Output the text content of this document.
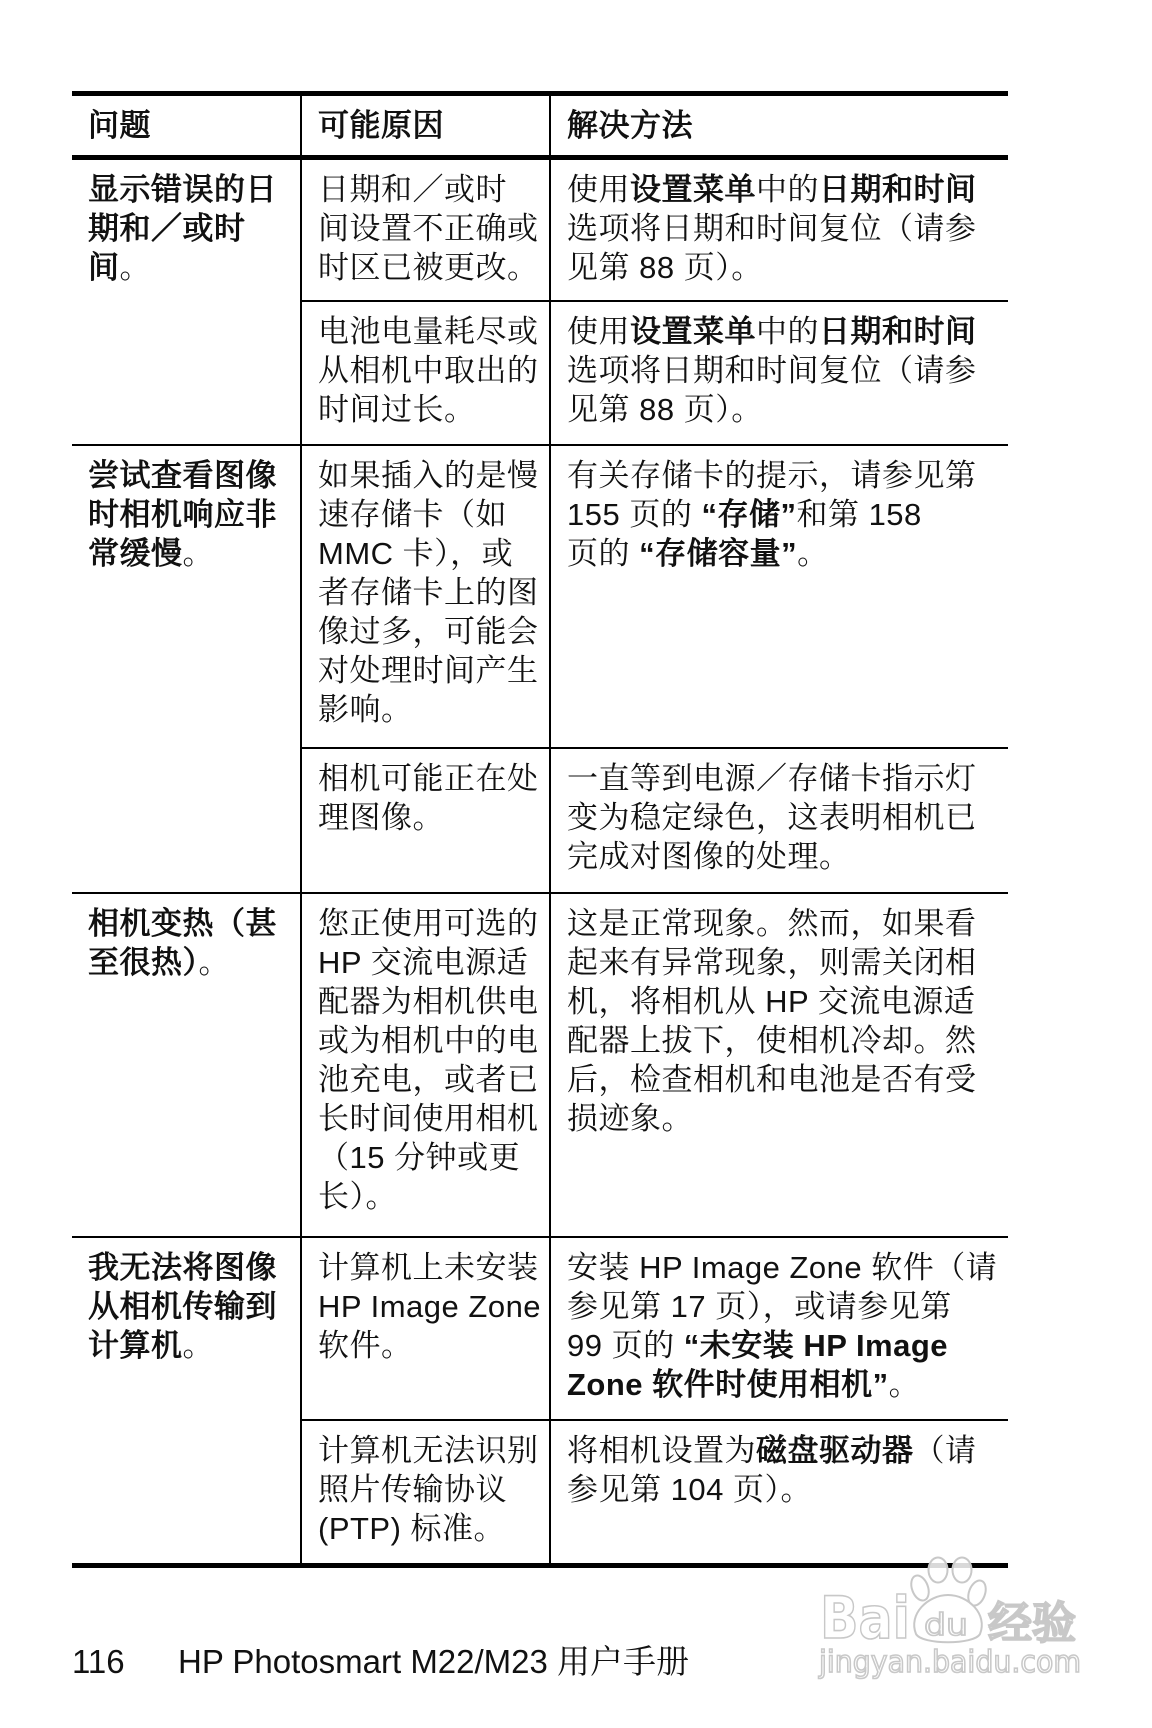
问题	可能原因	解决方法
显示错误的日
期和／或时
间。
日期和／或时
间设置不正确或
时区已被更改。
使用设置菜单中的日期和时间
选项将日期和时间复位（请参
见第 88 页）。
电池电量耗尽或
从相机中取出的
时间过长。
使用设置菜单中的日期和时间
选项将日期和时间复位（请参
见第 88 页）。
尝试查看图像
时相机响应非
常缓慢。
如果插入的是慢
速存储卡（如
MMC 卡），或
者存储卡上的图
像过多，可能会
对处理时间产生
影响。
有关存储卡的提示，请参见第
155 页的 “存储”和第 158
页的 “存储容量”。
相机可能正在处
理图像。
一直等到电源／存储卡指示灯
变为稳定绿色，这表明相机已
完成对图像的处理。
相机变热（甚
至很热）。
您正使用可选的
HP 交流电源适
配器为相机供电
或为相机中的电
池充电，或者已
长时间使用相机
（15 分钟或更
长）。
这是正常现象。然而，如果看
起来有异常现象，则需关闭相
机，将相机从 HP 交流电源适
配器上拔下，使相机冷却。然
后，检查相机和电池是否有受
损迹象。
我无法将图像
从相机传输到
计算机。
计算机上未安装
HP Image Zone
软件。
安装 HP Image Zone 软件（请
参见第 17 页），或请参见第
99 页的 “未安装 HP Image
Zone 软件时使用相机”。
计算机无法识别
照片传输协议
(PTP) 标准。
将相机设置为磁盘驱动器（请
参见第 104 页）。
116 HP Photosmart M22/M23 用户手册
Bai du 经验
jingyan.baidu.com
